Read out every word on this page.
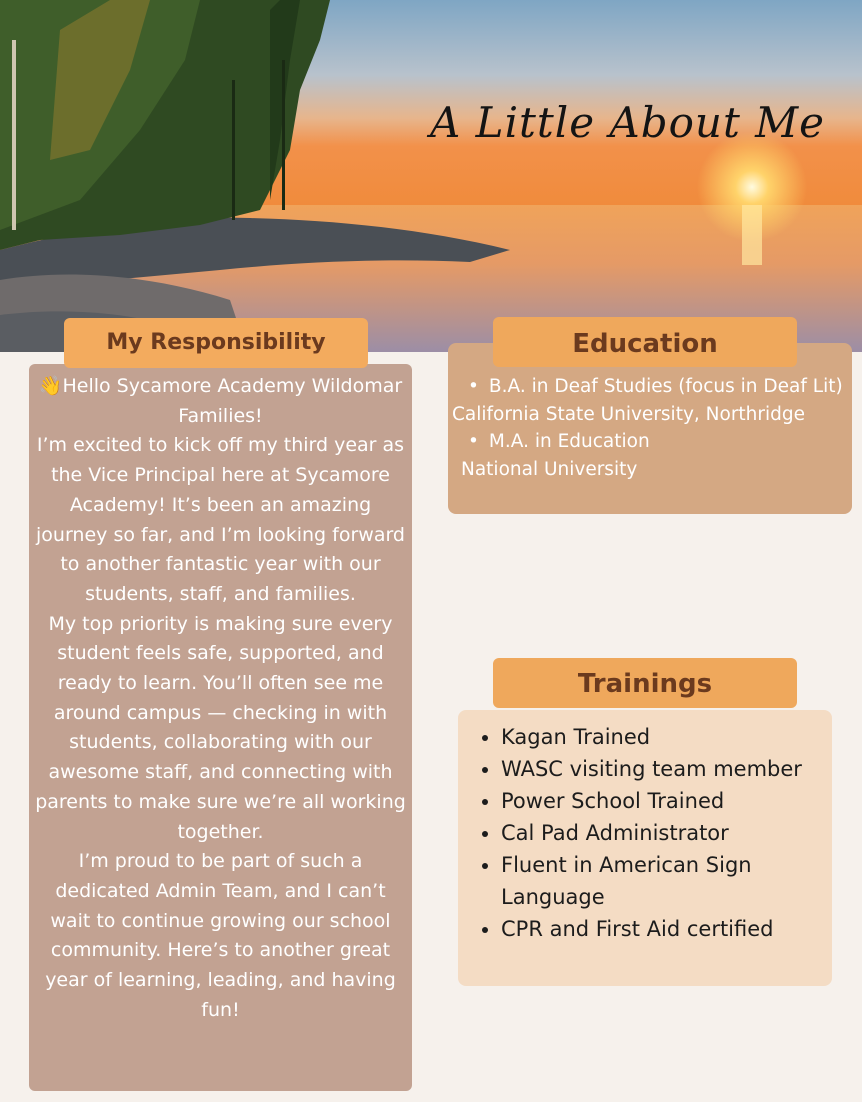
A Little About Me

👋Hello Sycamore Academy Wildomar Families!

I’m excited to kick off my third year as the Vice Principal here at Sycamore Academy! It’s been an amazing journey so far, and I’m looking forward to another fantastic year with our students, staff, and families.

My top priority is making sure every student feels safe, supported, and ready to learn. You’ll often see me around campus — checking in with students, collaborating with our awesome staff, and connecting with parents to make sure we’re all working together.

I’m proud to be part of such a dedicated Admin Team, and I can’t wait to continue growing our school community. Here’s to another great year of learning, leading, and having fun!

My Responsibility
• B.A. in Deaf Studies (focus in Deaf Lit)
California State University, Northridge
• M.A. in Education
National University
Education
• Kagan Trained
• WASC visiting team member
• Power School Trained
• Cal Pad Administrator
• Fluent in American Sign Language
• CPR and First Aid certified
Trainings
